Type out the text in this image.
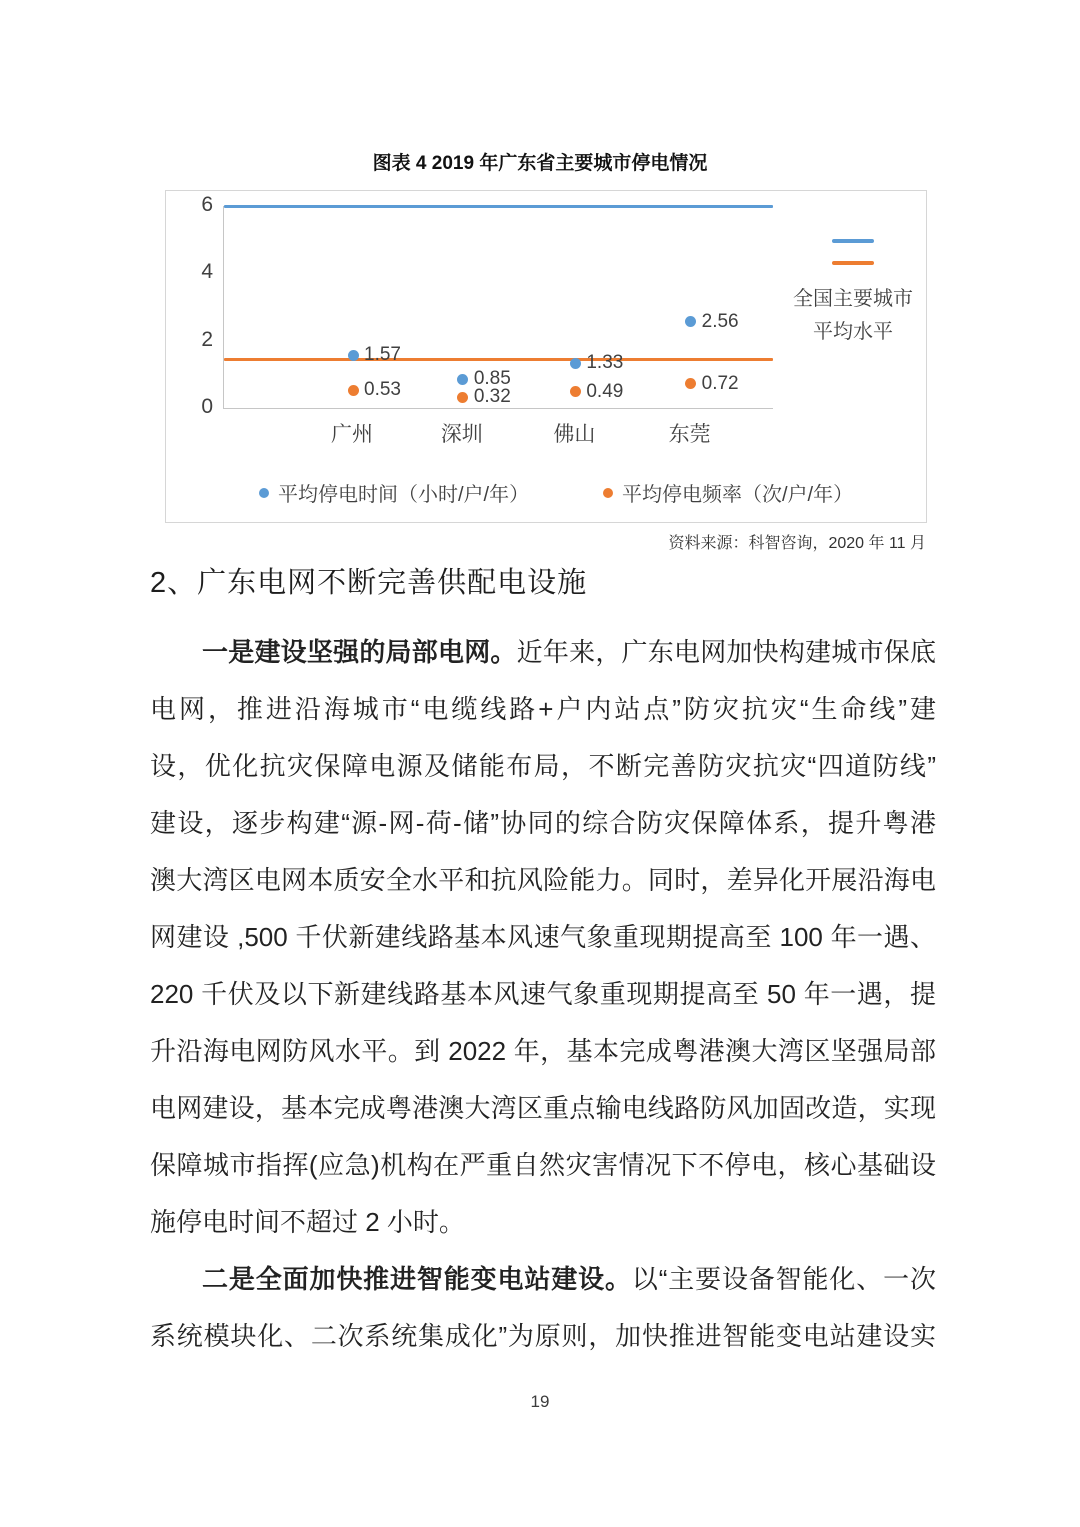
图表 4 2019 年广东省主要城市停电情况
1.57
0.85
1.33
2.56
0.53	0.32	0.49	0.72
6
4
2
0
广州	深圳	佛山	东莞
全国主要城市
平均水平
平均停电时间（小时/户/年）	平均停电频率（次/户/年）
资料来源：科智咨询，2020 年 11 月
2、广东电网不断完善供配电设施
一是建设坚强的局部电网。近年来，广东电网加快构建城市保底
电网，推进沿海城市“电缆线路+户内站点”防灾抗灾“生命线”建
设，优化抗灾保障电源及储能布局，不断完善防灾抗灾“四道防线”
建设，逐步构建“源-网-荷-储”协同的综合防灾保障体系，提升粤港
澳大湾区电网本质安全水平和抗风险能力。同时，差异化开展沿海电
网建设 ,500 千伏新建线路基本风速气象重现期提高至 100 年一遇、
220 千伏及以下新建线路基本风速气象重现期提高至 50 年一遇，提
升沿海电网防风水平。到 2022 年，基本完成粤港澳大湾区坚强局部
电网建设，基本完成粤港澳大湾区重点输电线路防风加固改造，实现
保障城市指挥(应急)机构在严重自然灾害情况下不停电，核心基础设
施停电时间不超过 2 小时。
二是全面加快推进智能变电站建设。以“主要设备智能化、一次
系统模块化、二次系统集成化”为原则，加快推进智能变电站建设实
19
